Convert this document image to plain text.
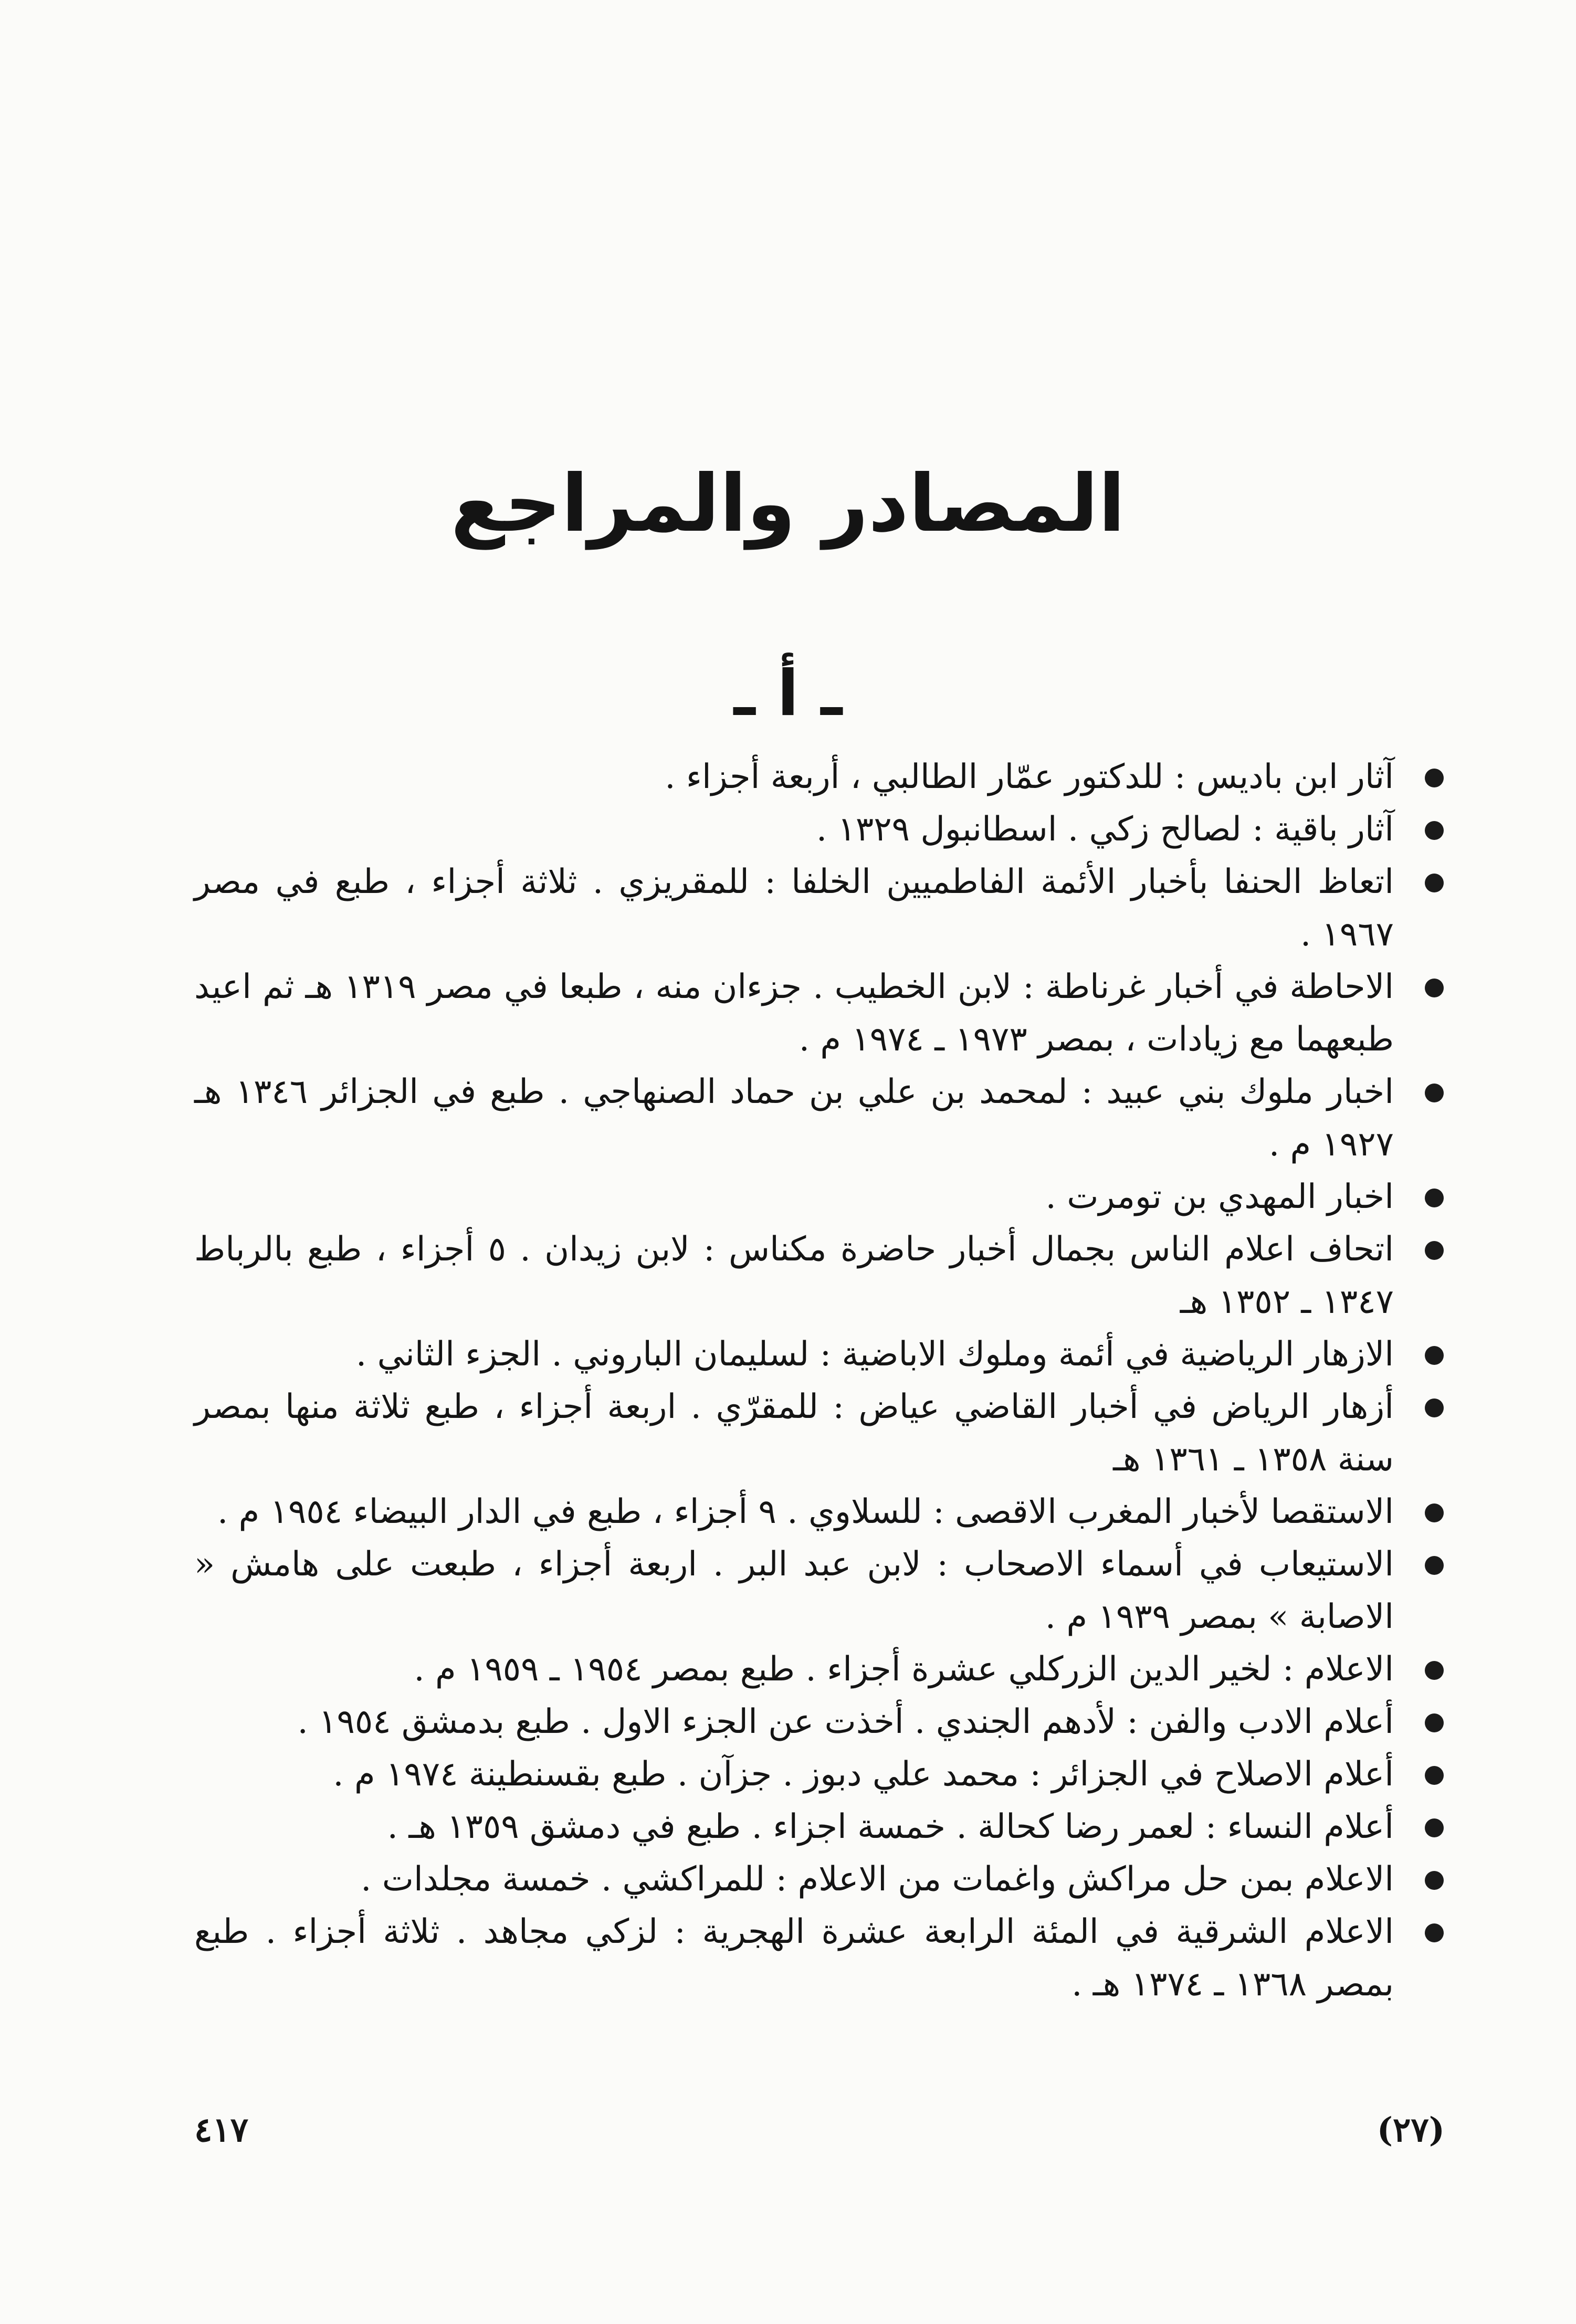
المصادر والمراجع
ـ أ ـ
آثار ابن باديس : للدكتور عمّار الطالبي ، أربعة أجزاء .
آثار باقية : لصالح زكي . اسطانبول ١٣٢٩ .
اتعاظ الحنفا بأخبار الأئمة الفاطميين الخلفا : للمقريزي . ثلاثة أجزاء ، طبع في مصر ١٩٦٧ .
الاحاطة في أخبار غرناطة : لابن الخطيب . جزءان منه ، طبعا في مصر ١٣١٩ هـ ثم اعيد طبعهما مع زيادات ، بمصر ١٩٧٣ ـ ١٩٧٤ م .
اخبار ملوك بني عبيد : لمحمد بن علي بن حماد الصنهاجي . طبع في الجزائر ١٣٤٦ هـ ١٩٢٧ م .
اخبار المهدي بن تومرت .
اتحاف اعلام الناس بجمال أخبار حاضرة مكناس : لابن زيدان . ٥ أجزاء ، طبع بالرباط ١٣٤٧ ـ ١٣٥٢ هـ
الازهار الرياضية في أئمة وملوك الاباضية : لسليمان الباروني . الجزء الثاني .
أزهار الرياض في أخبار القاضي عياض : للمقرّي . اربعة أجزاء ، طبع ثلاثة منها بمصر سنة ١٣٥٨ ـ ١٣٦١ هـ
الاستقصا لأخبار المغرب الاقصى : للسلاوي . ٩ أجزاء ، طبع في الدار البيضاء ١٩٥٤ م .
الاستيعاب في أسماء الاصحاب : لابن عبد البر . اربعة أجزاء ، طبعت على هامش « الاصابة » بمصر ١٩٣٩ م .
الاعلام : لخير الدين الزركلي عشرة أجزاء . طبع بمصر ١٩٥٤ ـ ١٩٥٩ م .
أعلام الادب والفن : لأدهم الجندي . أخذت عن الجزء الاول . طبع بدمشق ١٩٥٤ .
أعلام الاصلاح في الجزائر : محمد علي دبوز . جزآن . طبع بقسنطينة ١٩٧٤ م .
أعلام النساء : لعمر رضا كحالة . خمسة اجزاء . طبع في دمشق ١٣٥٩ هـ .
الاعلام بمن حل مراكش واغمات من الاعلام : للمراكشي . خمسة مجلدات .
الاعلام الشرقية في المئة الرابعة عشرة الهجرية : لزكي مجاهد . ثلاثة أجزاء . طبع بمصر ١٣٦٨ ـ ١٣٧٤ هـ .
٤١٧	(٢٧)
